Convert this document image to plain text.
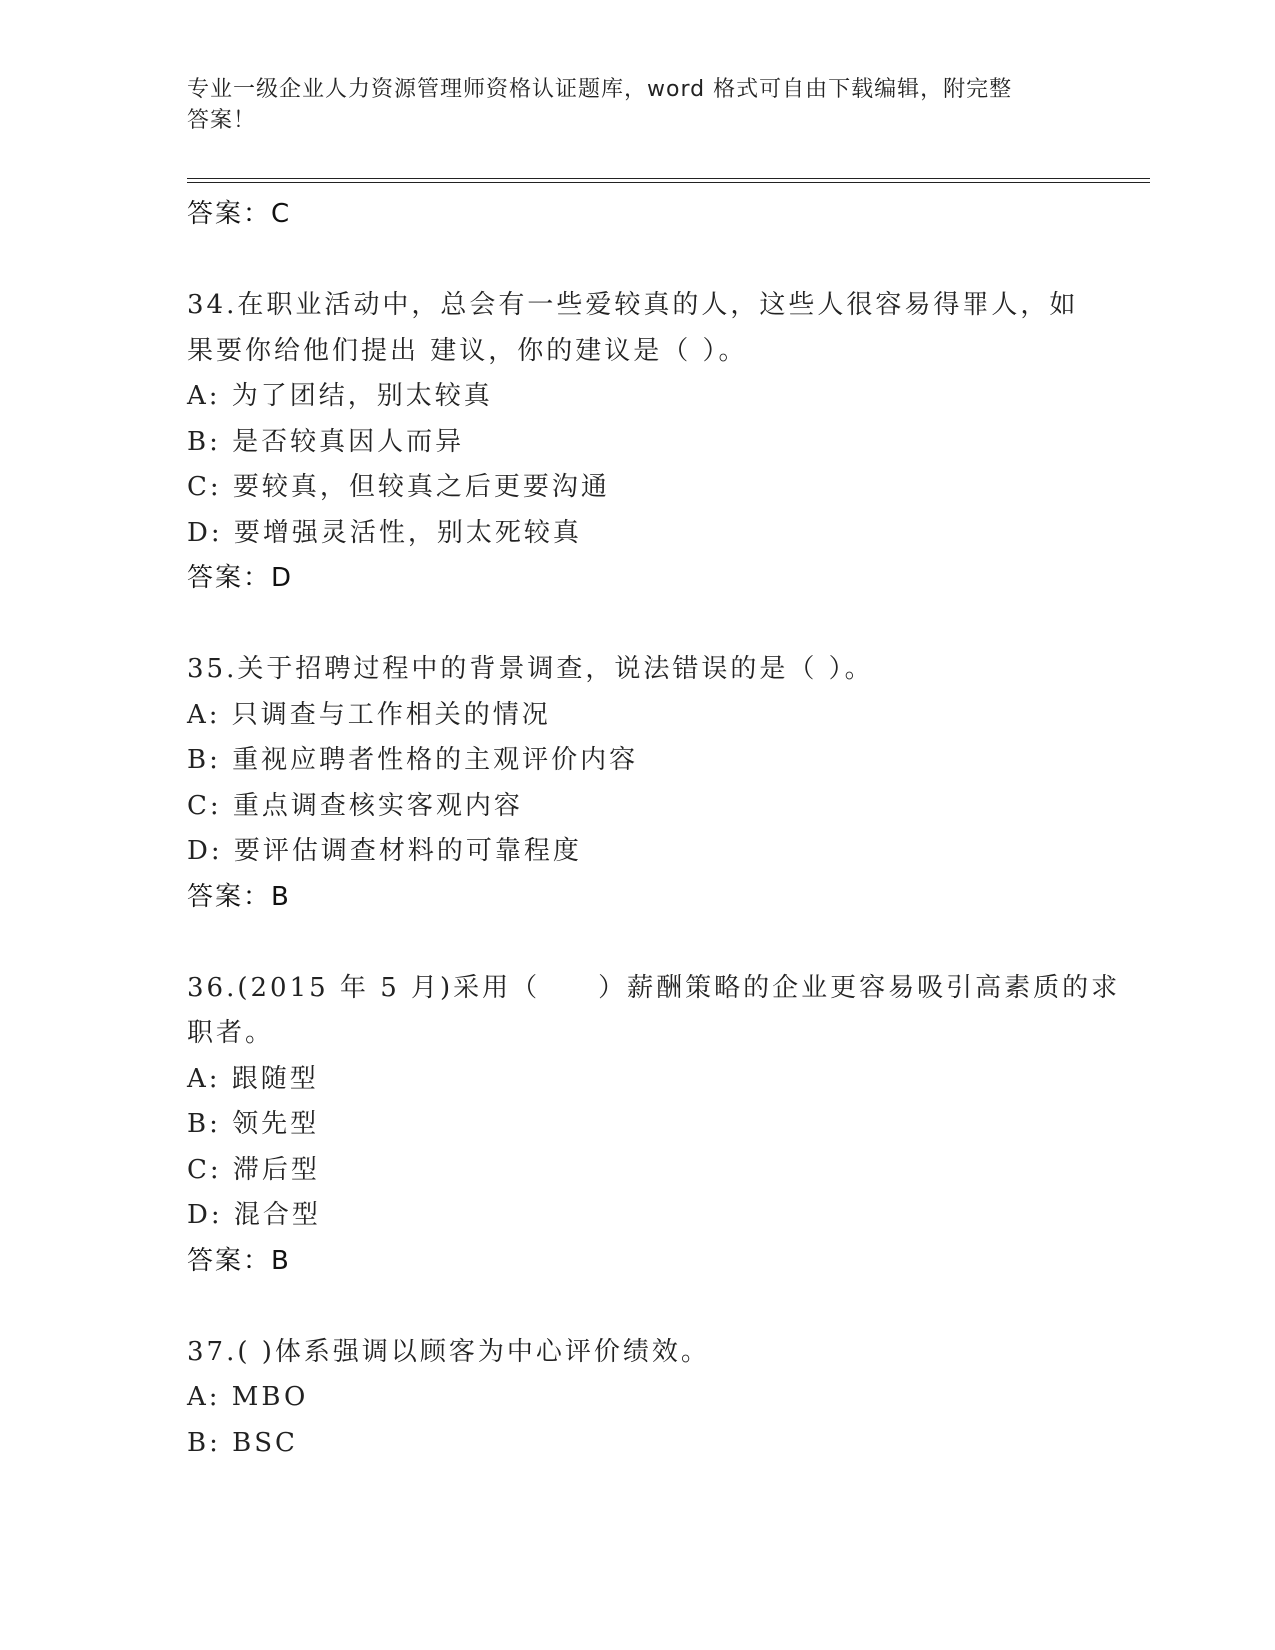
专业一级企业人力资源管理师资格认证题库，word 格式可自由下载编辑，附完整
答案！
答案：C
34.在职业活动中，总会有一些爱较真的人，这些人很容易得罪人，如
果要你给他们提出 建议，你的建议是（ ）。
A: 为了团结，别太较真
B: 是否较真因人而异
C: 要较真，但较真之后更要沟通
D: 要增强灵活性，别太死较真
答案：D
35.关于招聘过程中的背景调查，说法错误的是（ ）。
A: 只调查与工作相关的情况
B: 重视应聘者性格的主观评价内容
C: 重点调查核实客观内容
D: 要评估调查材料的可靠程度
答案：B
36.(2015 年 5 月)采用（　　）薪酬策略的企业更容易吸引高素质的求
职者。
A: 跟随型
B: 领先型
C: 滞后型
D: 混合型
答案：B
37.( )体系强调以顾客为中心评价绩效。
A: MBO
B: BSC
